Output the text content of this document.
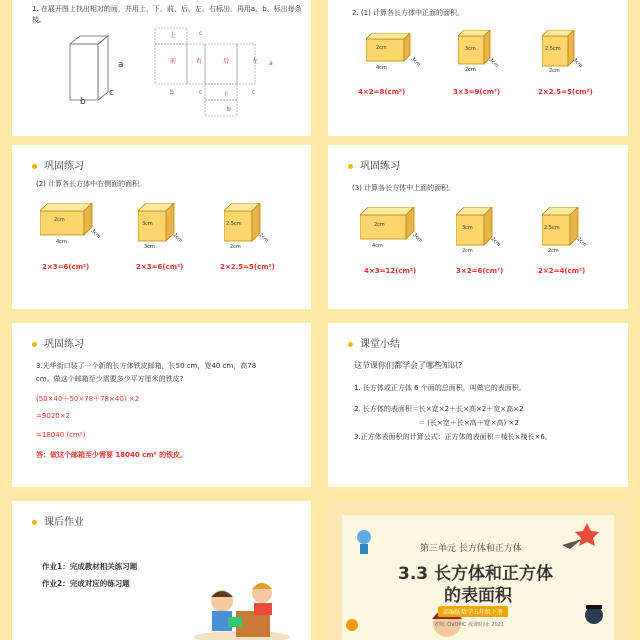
1. 在展开图上找出相对的面，并用上、下、前、后、左、右标出，再用a、b、标出每条棱。
a
b
c
上	c
前	右	后	左 a
b	c	下	c
b
2. (1) 计算各长方体中正面的面积。
2cm
4cm
3cm
3cm
2cm
3cm
2.5cm
2cm
3cm
4×2=8(cm²)	3×3=9(cm²)	2×2.5=5(cm²)
巩固练习
(2) 计算各长方体中右侧面的面积。
2cm
4cm
3cm
3cm
3cm
2cm
2.5cm
2cm
2cm
2×3=6(cm²)	2×3=6(cm²)	2×2.5=5(cm²)
巩固练习
(3) 计算各长方体中上面的面积。
2cm
4cm
3cm
3cm
2cm
2cm
2.5cm
2cm
2cm
4×3=12(cm²)	3×2=6(cm²)	2×2=4(cm²)
巩固练习
3.光华街口装了一个新的长方体铁皮邮箱，长50 cm，宽40 cm，高78
cm。做这个邮箱至少需要多少平方厘米的铁皮?
(50×40＋50×78＋78×40) ×2
=9020×2
=18040 (cm²)
答：做这个邮箱至少需要 18040 cm² 的铁皮。
课堂小结
这节课你们都学会了哪些知识?
1. 长方体或正方体 6 个面的总面积，叫做它的表面积。
2. 长方体的表面积＝长×宽×2＋长×高×2＋宽×高×2
＝ (长×宽＋长×高＋宽×高) ×2
3.正方体表面积的计算公式：正方体的表面积＝棱长×棱长×6。
课后作业
作业1：完成教材相关练习题
作业2：完成对应的练习题
第三单元 长方体和正方体
3.3 长方体和正方体
的表面积
部编版数学五年级下册
老师: OVOPIC 授课时间: 2021
